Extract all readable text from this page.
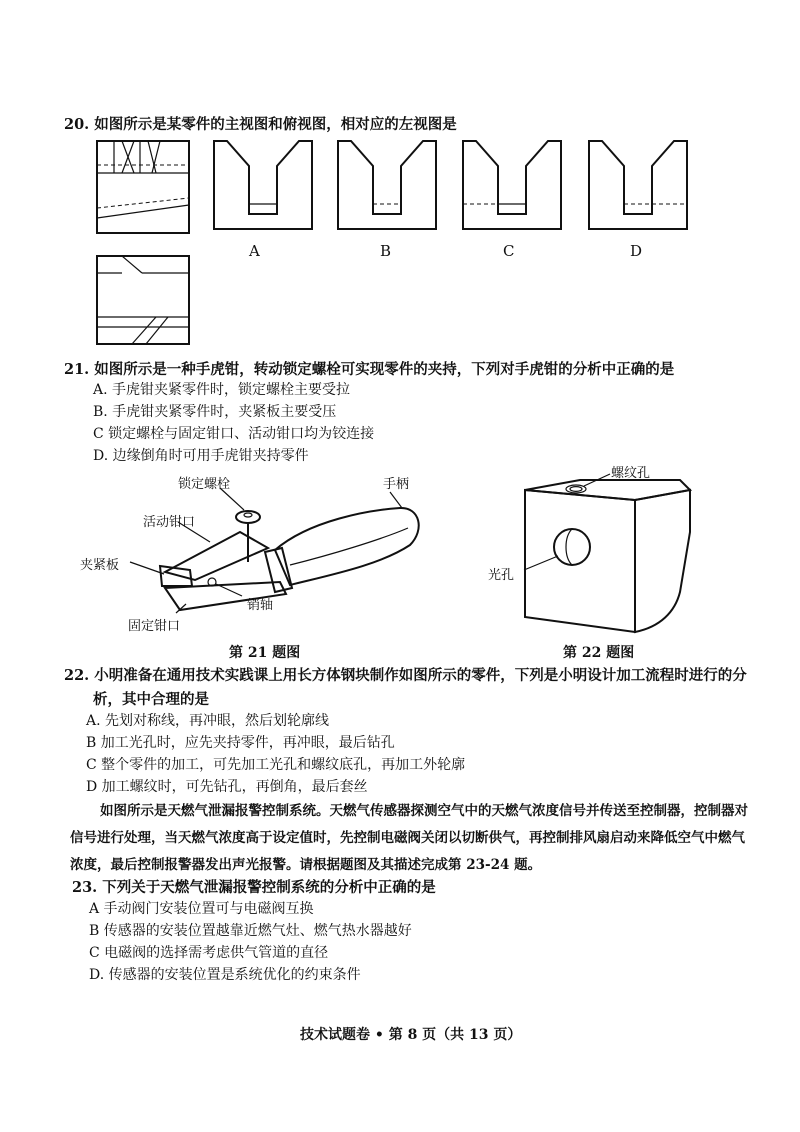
20. 如图所示是某零件的主视图和俯视图，相对应的左视图是
A	B	C	D
21. 如图所示是一种手虎钳，转动锁定螺栓可实现零件的夹持，下列对手虎钳的分析中正确的是
A. 手虎钳夹紧零件时，锁定螺栓主要受拉
B. 手虎钳夹紧零件时，夹紧板主要受压
C 锁定螺栓与固定钳口、活动钳口均为铰连接
D. 边缘倒角时可用手虎钳夹持零件
锁定螺栓	手柄
活动钳口
夹紧板
销轴
固定钳口
第 21 题图
螺纹孔
光孔
第 22 题图
22. 小明准备在通用技术实践课上用长方体钢块制作如图所示的零件，下列是小明设计加工流程时进行的分
析，其中合理的是
A. 先划对称线，再冲眼，然后划轮廓线
B 加工光孔时，应先夹持零件，再冲眼，最后钻孔
C 整个零件的加工，可先加工光孔和螺纹底孔，再加工外轮廓
D 加工螺纹时，可先钻孔，再倒角，最后套丝
如图所示是天燃气泄漏报警控制系统。天燃气传感器探测空气中的天燃气浓度信号并传送至控制器，控制器对信号进行处理，当天燃气浓度高于设定值时，先控制电磁阀关闭以切断供气，再控制排风扇启动来降低空气中燃气浓度，最后控制报警器发出声光报警。请根据题图及其描述完成第 23-24 题。
23. 下列关于天燃气泄漏报警控制系统的分析中正确的是
A 手动阀门安装位置可与电磁阀互换
B 传感器的安装位置越靠近燃气灶、燃气热水器越好
C 电磁阀的选择需考虑供气管道的直径
D. 传感器的安装位置是系统优化的约束条件
技术试题卷 • 第 8 页（共 13 页）
